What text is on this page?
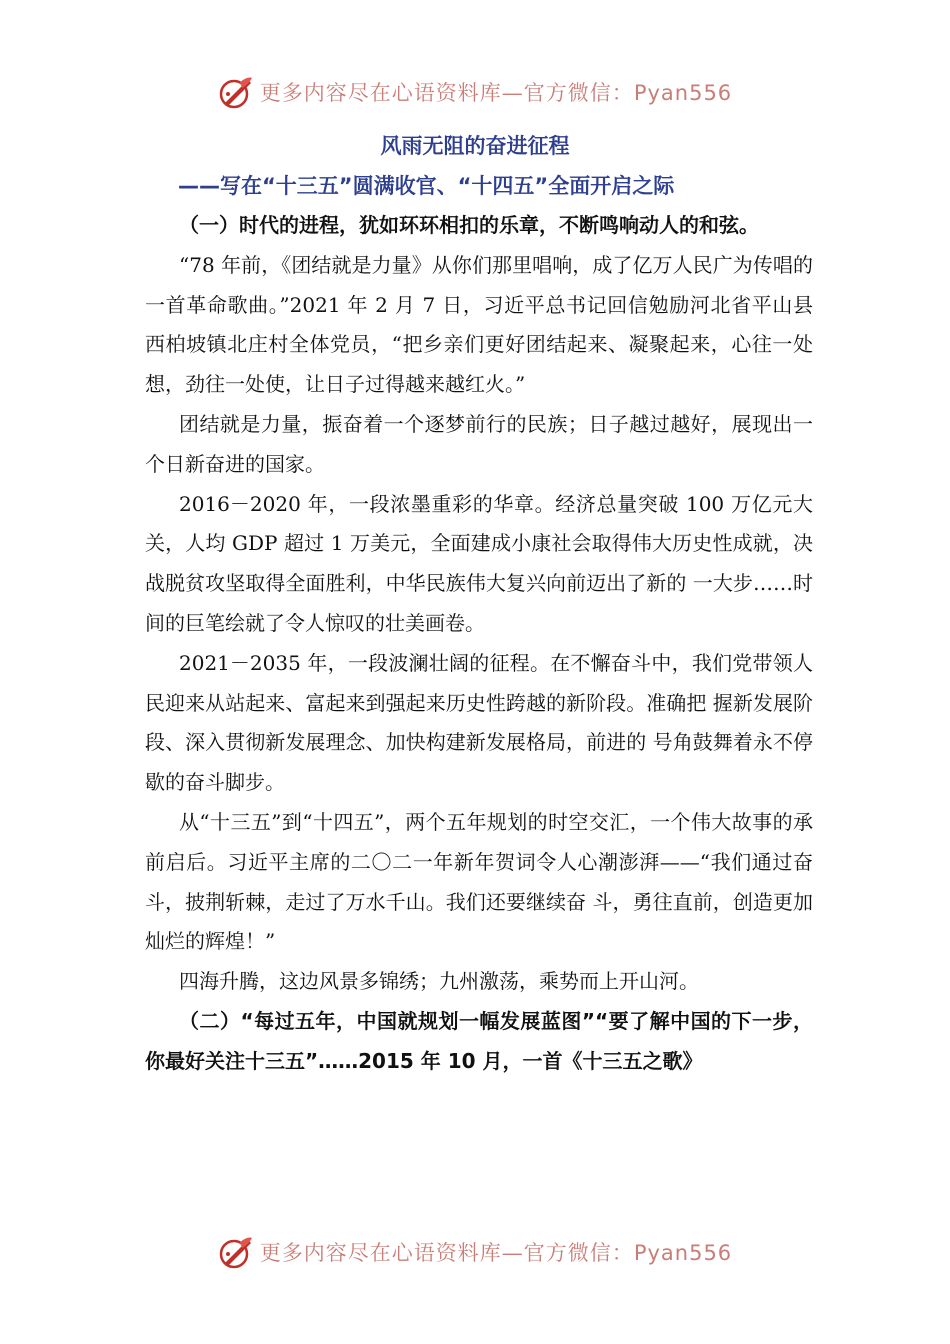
更多内容尽在心语资料库—官方微信：Pyan556
风雨无阻的奋进征程
——写在“十三五”圆满收官、“十四五”全面开启之际

（一）时代的进程，犹如环环相扣的乐章，不断鸣响动人的和弦。

“78 年前，《团结就是力量》从你们那里唱响，成了亿万人民广为传唱的一首革命歌曲。”2021 年 2 月 7 日，习近平总书记回信勉励河北省平山县西柏坡镇北庄村全体党员，“把乡亲们更好团结起来、凝聚起来，心往一处想，劲往一处使，让日子过得越来越红火。”

团结就是力量，振奋着一个逐梦前行的民族；日子越过越好，展现出一个日新奋进的国家。

2016－2020 年，一段浓墨重彩的华章。经济总量突破 100 万亿元大关，人均 GDP 超过 1 万美元，全面建成小康社会取得伟大历史性成就，决战脱贫攻坚取得全面胜利，中华民族伟大复兴向前迈出了新的 一大步……时间的巨笔绘就了令人惊叹的壮美画卷。

2021－2035 年，一段波澜壮阔的征程。在不懈奋斗中，我们党带领人民迎来从站起来、富起来到强起来历史性跨越的新阶段。准确把 握新发展阶段、深入贯彻新发展理念、加快构建新发展格局，前进的 号角鼓舞着永不停歇的奋斗脚步。

从“十三五”到“十四五”，两个五年规划的时空交汇，一个伟大故事的承前启后。习近平主席的二〇二一年新年贺词令人心潮澎湃——“我们通过奋斗，披荆斩棘，走过了万水千山。我们还要继续奋 斗，勇往直前，创造更加灿烂的辉煌！”

四海升腾，这边风景多锦绣；九州激荡，乘势而上开山河。

（二）“每过五年，中国就规划一幅发展蓝图”“要了解中国的下一步，你最好关注十三五”……2015 年 10 月，一首《十三五之歌》

更多内容尽在心语资料库—官方微信：Pyan556
